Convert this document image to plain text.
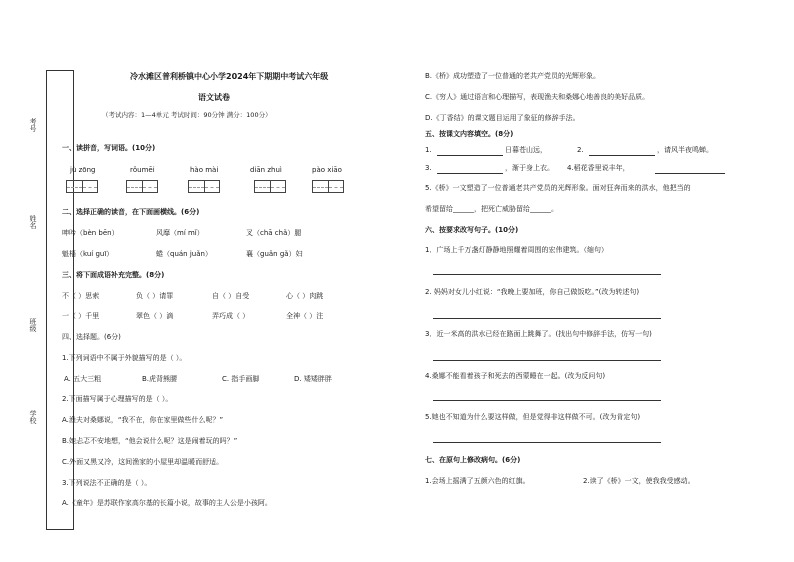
考号
姓名
班级
学校
冷水滩区普利桥镇中心小学2024年下期期中考试六年级
语文试卷
（考试内容：1—4单元 考试时间：90分钟 满分：100分）
一、读拼音，写词语。(10分)
jù zōng	rǒumēi	hào mài	diān zhuì	pào xiāo
二、选择正确的读音，在下面画横线。(6分)
呻吟（bèn bēn）	风靡（mí mǐ）	叉（chā chǎ）腿
魁梧（kuí guī）	蜷（quán juǎn）	襄（guǎn gǎ）妇
三、将下面成语补充完整。(8分)
不（ ）思索	负（ ）请罪	自（ ）自受	心（ ）肉跳
一（ ）千里	翠色（ ）滴	弄巧成（ ）	全神（ ）注
四、选择题。(6分)
1.下列词语中不属于外貌描写的是（ ）。
A. 五大三粗	B.虎背熊腰	C. 指手画脚	D. 矮矮胖胖
2.下面描写属于心理描写的是（ ）。
A.渔夫对桑娜说，“我不在，你在家里做些什么呢？”
B.她忐忑不安地想，“他会说什么呢？这是闹着玩的吗？”
C.外面又黑又冷，这间渔家的小屋里却温暖而舒适。
3.下列说法不正确的是（ ）。
A.《童年》是苏联作家高尔基的长篇小说，故事的主人公是小孩阿。
B.《桥》成功塑造了一位普通的老共产党员的光辉形象。
C.《穷人》通过语言和心理描写，表现渔夫和桑娜心地善良的美好品质。
D.《丁香结》的课文题目运用了象征的修辞手法。
五、按课文内容填空。(8分)
1.	日暮苍山远，	2.	，请风半夜鸣蝉。
3.	，渐于身上衣。 4.稻花香里说丰年，
5.《桥》一文塑造了一位普通老共产党员的光辉形象。面对狂奔而来的洪水，他把当的
希望留给______，把死亡威胁留给______。
六、按要求改写句子。(10分)
1．广场上千万盏灯静静地照耀着周围的宏伟建筑。（缩句）
2. 妈妈对女儿小红说：“我晚上要加班，你自己做饭吃。”(改为转述句)
3．近一米高的洪水已经在路面上跳舞了。(找出句中修辞手法，仿写一句)
4.桑娜不能看着孩子和死去的西蒙睡在一起。(改为反问句)
5.她也不知道为什么要这样做，但是觉得非这样做不可。(改为肯定句)
七、在原句上修改病句。(6分)
1.会场上摇满了五颜六色的红旗。	2.读了《桥》一文，使我我受感动。
